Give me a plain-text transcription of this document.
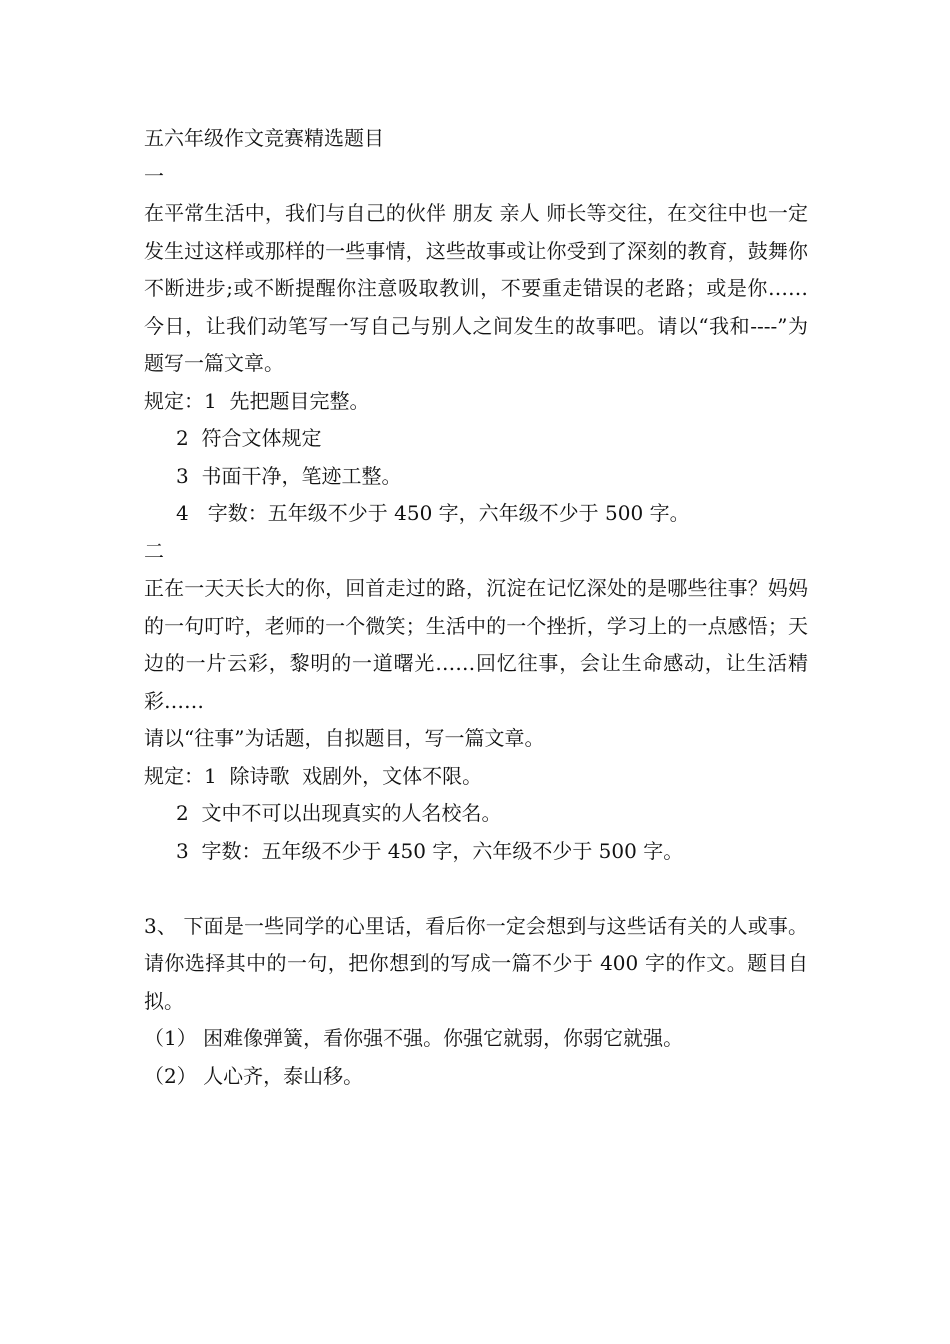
五六年级作文竞赛精选题目
一
在平常生活中，我们与自己的伙伴 朋友 亲人 师长等交往，在交往中也一定发生过这样或那样的一些事情，这些故事或让你受到了深刻的教育，鼓舞你不断进步;或不断提醒你注意吸取教训，不要重走错误的老路；或是你……今日，让我们动笔写一写自己与别人之间发生的故事吧。请以“我和----”为题写一篇文章。
规定：1  先把题目完整。
2  符合文体规定
3  书面干净，笔迹工整。
4   字数：五年级不少于 450 字，六年级不少于 500 字。
二
正在一天天长大的你，回首走过的路，沉淀在记忆深处的是哪些往事？妈妈的一句叮咛，老师的一个微笑；生活中的一个挫折，学习上的一点感悟；天边的一片云彩，黎明的一道曙光……回忆往事，会让生命感动，让生活精彩……
请以“往事”为话题，自拟题目，写一篇文章。
规定：1  除诗歌  戏剧外，文体不限。
2  文中不可以出现真实的人名校名。
3  字数：五年级不少于 450 字，六年级不少于 500 字。
3、 下面是一些同学的心里话，看后你一定会想到与这些话有关的人或事。请你选择其中的一句，把你想到的写成一篇不少于 400 字的作文。题目自拟。
（1） 困难像弹簧，看你强不强。你强它就弱，你弱它就强。
（2） 人心齐，泰山移。
